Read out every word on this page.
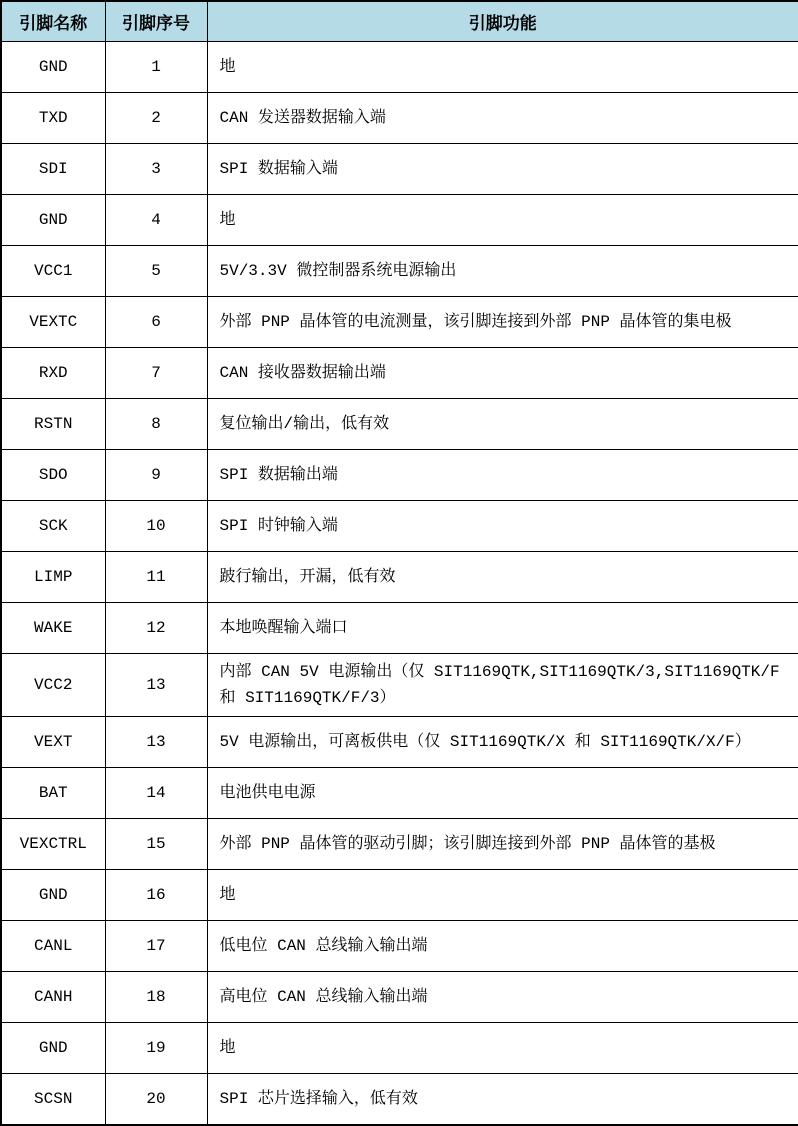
引脚名称	引脚序号	引脚功能
GND	1	地
TXD	2	CAN 发送器数据输入端
SDI	3	SPI 数据输入端
GND	4	地
VCC1	5	5V/3.3V 微控制器系统电源输出
VEXTC	6	外部 PNP 晶体管的电流测量，该引脚连接到外部 PNP 晶体管的集电极
RXD	7	CAN 接收器数据输出端
RSTN	8	复位输出/输出，低有效
SDO	9	SPI 数据输出端
SCK	10	SPI 时钟输入端
LIMP	11	跛行输出，开漏，低有效
WAKE	12	本地唤醒输入端口
VCC2	13	内部 CAN 5V 电源输出（仅 SIT1169QTK,SIT1169QTK/3,SIT1169QTK/F 和 SIT1169QTK/F/3）
VEXT	13	5V 电源输出，可离板供电（仅 SIT1169QTK/X 和 SIT1169QTK/X/F）
BAT	14	电池供电电源
VEXCTRL	15	外部 PNP 晶体管的驱动引脚；该引脚连接到外部 PNP 晶体管的基极
GND	16	地
CANL	17	低电位 CAN 总线输入输出端
CANH	18	高电位 CAN 总线输入输出端
GND	19	地
SCSN	20	SPI 芯片选择输入，低有效
